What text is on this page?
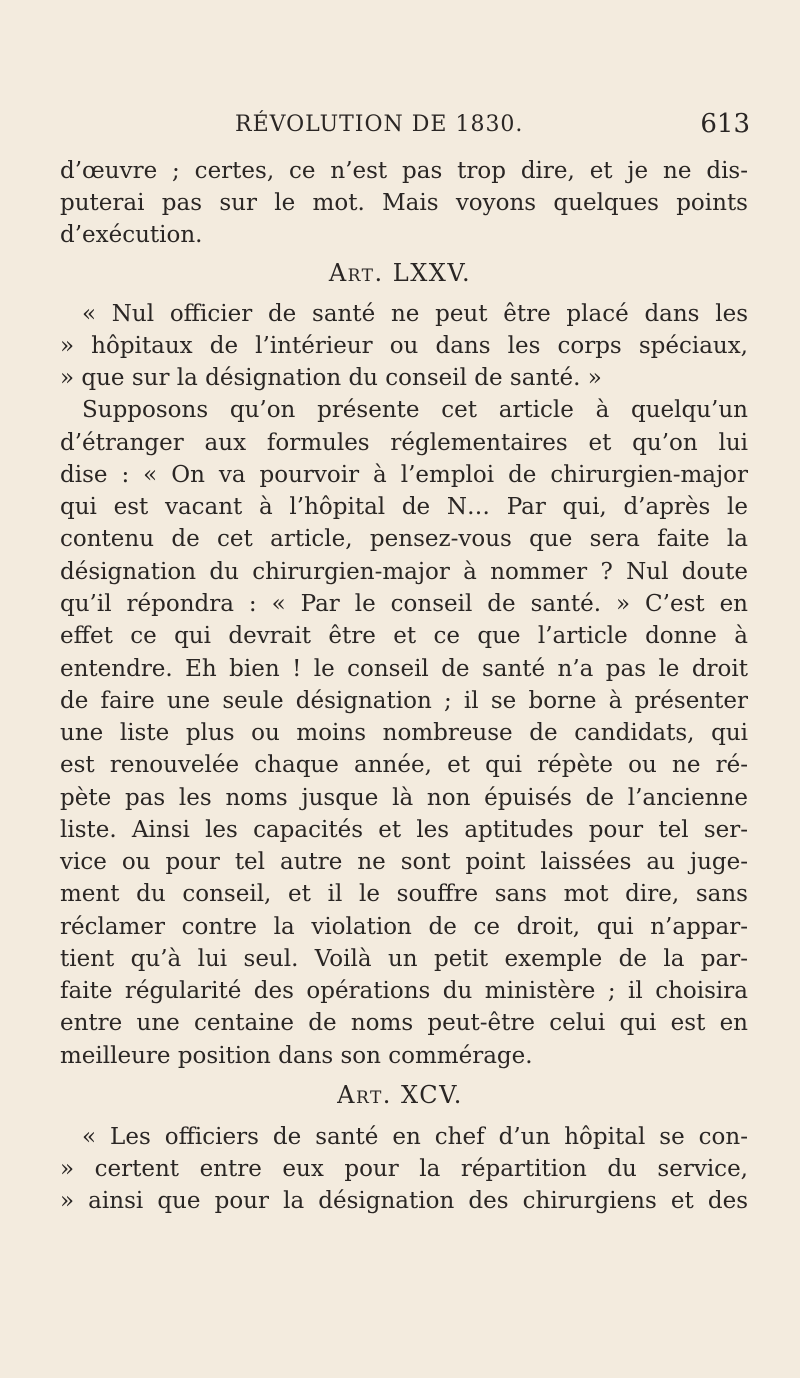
RÉVOLUTION DE 1830.	613
d’œuvre ; certes, ce n’est pas trop dire, et je ne dis-
puterai pas sur le mot. Mais voyons quelques points
d’exécution.
Art. LXXV.
« Nul officier de santé ne peut être placé dans les
» hôpitaux de l’intérieur ou dans les corps spéciaux,
» que sur la désignation du conseil de santé. »
Supposons qu’on présente cet article à quelqu’un
d’étranger aux formules réglementaires et qu’on lui
dise : « On va pourvoir à l’emploi de chirurgien-major
qui est vacant à l’hôpital de N… Par qui, d’après le
contenu de cet article, pensez-vous que sera faite la
désignation du chirurgien-major à nommer ? Nul doute
qu’il répondra : « Par le conseil de santé. » C’est en
effet ce qui devrait être et ce que l’article donne à
entendre. Eh bien ! le conseil de santé n’a pas le droit
de faire une seule désignation ; il se borne à présenter
une liste plus ou moins nombreuse de candidats, qui
est renouvelée chaque année, et qui répète ou ne ré-
pète pas les noms jusque là non épuisés de l’ancienne
liste. Ainsi les capacités et les aptitudes pour tel ser-
vice ou pour tel autre ne sont point laissées au juge-
ment du conseil, et il le souffre sans mot dire, sans
réclamer contre la violation de ce droit, qui n’appar-
tient qu’à lui seul. Voilà un petit exemple de la par-
faite régularité des opérations du ministère ; il choisira
entre une centaine de noms peut-être celui qui est en
meilleure position dans son commérage.
Art. XCV.
« Les officiers de santé en chef d’un hôpital se con-
» certent entre eux pour la répartition du service,
» ainsi que pour la désignation des chirurgiens et des
